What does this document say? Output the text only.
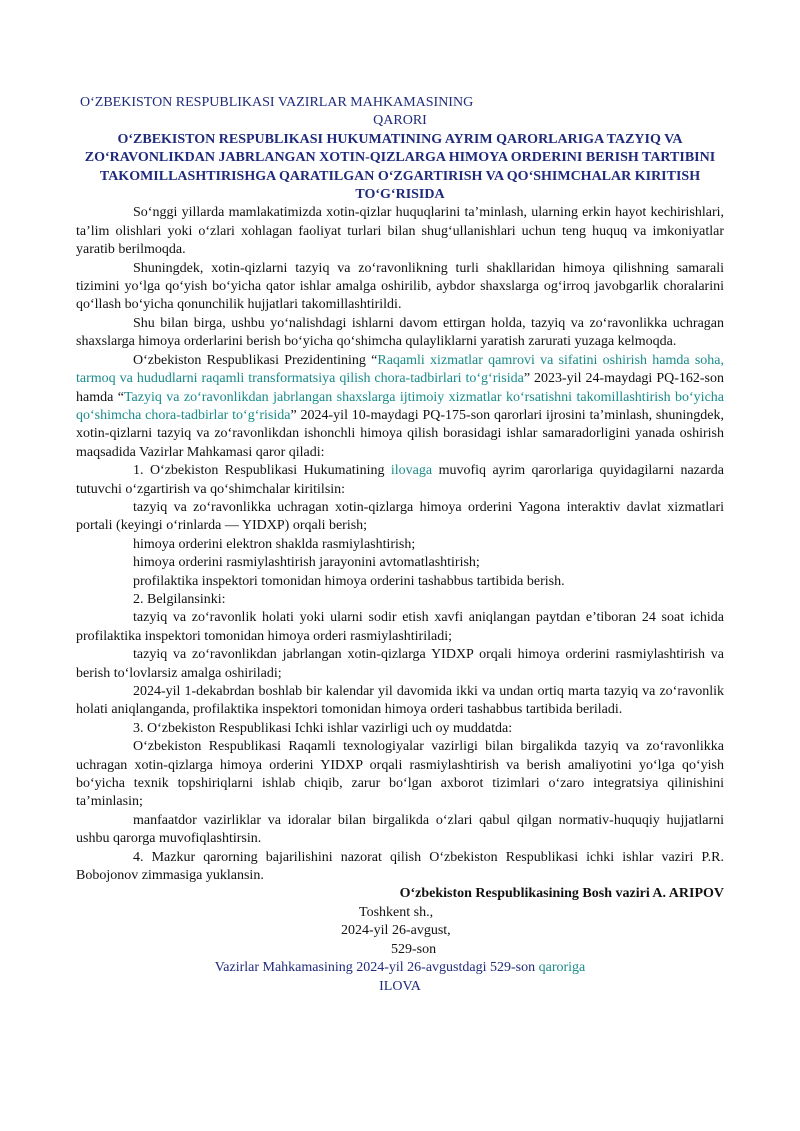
O‘ZBEKISTON RESPUBLIKASI VAZIRLAR MAHKAMASINING
QARORI
O‘ZBEKISTON RESPUBLIKASI HUKUMATINING AYRIM QARORLARIGA TAZYIQ VA ZO‘RAVONLIKDAN JABRLANGAN XOTIN-QIZLARGA HIMOYA ORDERINI BERISH TARTIBINI TAKOMILLASHTIRISHGA QARATILGAN O‘ZGARTIRISH VA QO‘SHIMCHALAR KIRITISH TO‘G‘RISIDA

So‘nggi yillarda mamlakatimizda xotin-qizlar huquqlarini ta’minlash, ularning erkin hayot kechirishlari, ta’lim olishlari yoki o‘zlari xohlagan faoliyat turlari bilan shug‘ullanishlari uchun teng huquq va imkoniyatlar yaratib berilmoqda.

Shuningdek, xotin-qizlarni tazyiq va zo‘ravonlikning turli shakllaridan himoya qilishning samarali tizimini yo‘lga qo‘yish bo‘yicha qator ishlar amalga oshirilib, aybdor shaxslarga og‘irroq javobgarlik choralarini qo‘llash bo‘yicha qonunchilik hujjatlari takomillashtirildi.

Shu bilan birga, ushbu yo‘nalishdagi ishlarni davom ettirgan holda, tazyiq va zo‘ravonlikka uchragan shaxslarga himoya orderlarini berish bo‘yicha qo‘shimcha qulayliklarni yaratish zarurati yuzaga kelmoqda.

O‘zbekiston Respublikasi Prezidentining “Raqamli xizmatlar qamrovi va sifatini oshirish hamda soha, tarmoq va hududlarni raqamli transformatsiya qilish chora-tadbirlari to‘g‘risida” 2023-yil 24-maydagi PQ-162-son hamda “Tazyiq va zo‘ravonlikdan jabrlangan shaxslarga ijtimoiy xizmatlar ko‘rsatishni takomillashtirish bo‘yicha qo‘shimcha chora-tadbirlar to‘g‘risida” 2024-yil 10-maydagi PQ-175-son qarorlari ijrosini ta’minlash, shuningdek, xotin-qizlarni tazyiq va zo‘ravonlikdan ishonchli himoya qilish borasidagi ishlar samaradorligini yanada oshirish maqsadida Vazirlar Mahkamasi qaror qiladi:

1. O‘zbekiston Respublikasi Hukumatining ilovaga muvofiq ayrim qarorlariga quyidagilarni nazarda tutuvchi o‘zgartirish va qo‘shimchalar kiritilsin:

tazyiq va zo‘ravonlikka uchragan xotin-qizlarga himoya orderini Yagona interaktiv davlat xizmatlari portali (keyingi o‘rinlarda — YIDXP) orqali berish;

himoya orderini elektron shaklda rasmiylashtirish;

himoya orderini rasmiylashtirish jarayonini avtomatlashtirish;

profilaktika inspektori tomonidan himoya orderini tashabbus tartibida berish.

2. Belgilansinki:

tazyiq va zo‘ravonlik holati yoki ularni sodir etish xavfi aniqlangan paytdan e’tiboran 24 soat ichida profilaktika inspektori tomonidan himoya orderi rasmiylashtiriladi;

tazyiq va zo‘ravonlikdan jabrlangan xotin-qizlarga YIDXP orqali himoya orderini rasmiylashtirish va berish to‘lovlarsiz amalga oshiriladi;

2024-yil 1-dekabrdan boshlab bir kalendar yil davomida ikki va undan ortiq marta tazyiq va zo‘ravonlik holati aniqlanganda, profilaktika inspektori tomonidan himoya orderi tashabbus tartibida beriladi.

3. O‘zbekiston Respublikasi Ichki ishlar vazirligi uch oy muddatda:

O‘zbekiston Respublikasi Raqamli texnologiyalar vazirligi bilan birgalikda tazyiq va zo‘ravonlikka uchragan xotin-qizlarga himoya orderini YIDXP orqali rasmiylashtirish va berish amaliyotini yo‘lga qo‘yish bo‘yicha texnik topshiriqlarni ishlab chiqib, zarur bo‘lgan axborot tizimlari o‘zaro integratsiya qilinishini ta’minlasin;

manfaatdor vazirliklar va idoralar bilan birgalikda o‘zlari qabul qilgan normativ-huquqiy hujjatlarni ushbu qarorga muvofiqlashtirsin.

4. Mazkur qarorning bajarilishini nazorat qilish O‘zbekiston Respublikasi ichki ishlar vaziri P.R. Bobojonov zimmasiga yuklansin.

O‘zbekiston Respublikasining Bosh vaziri A. ARIPOV
Toshkent sh.,
2024-yil 26-avgust,
529-son
Vazirlar Mahkamasining 2024-yil 26-avgustdagi 529-son qaroriga
ILOVA
